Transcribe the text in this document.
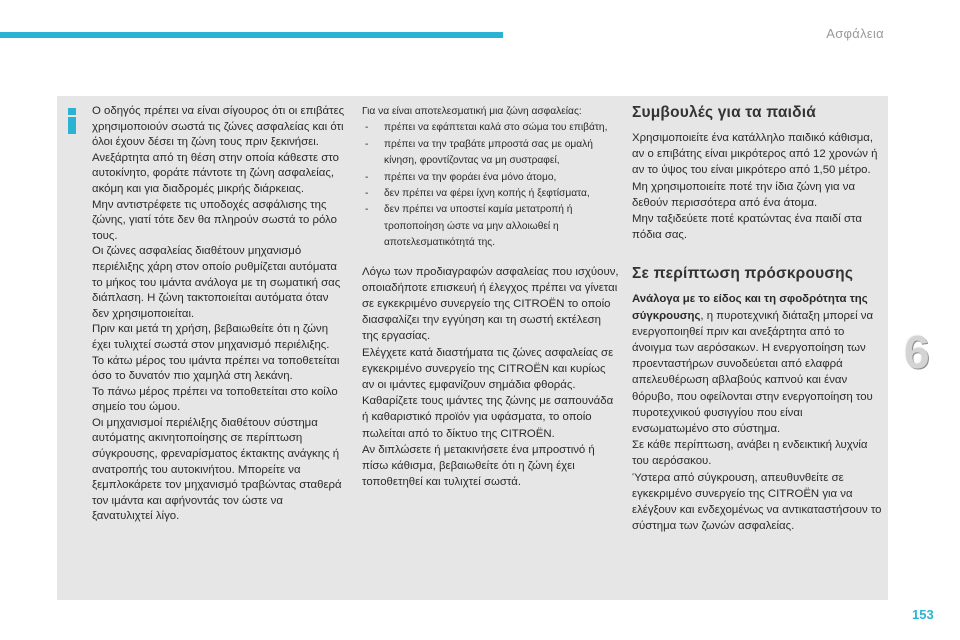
Ασφάλεια

Ο οδηγός πρέπει να είναι σίγουρος ότι οι επιβάτες χρησιμοποιούν σωστά τις ζώνες ασφαλείας και ότι όλοι έχουν δέσει τη ζώνη τους πριν ξεκινήσει.

Ανεξάρτητα από τη θέση στην οποία κάθεστε στο αυτοκίνητο, φοράτε πάντοτε τη ζώνη ασφαλείας, ακόμη και για διαδρομές μικρής διάρκειας.

Μην αντιστρέφετε τις υποδοχές ασφάλισης της ζώνης, γιατί τότε δεν θα πληρούν σωστά το ρόλο τους.

Οι ζώνες ασφαλείας διαθέτουν μηχανισμό περιέλιξης χάρη στον οποίο ρυθμίζεται αυτόματα το μήκος του ιμάντα ανάλογα με τη σωματική σας διάπλαση. Η ζώνη τακτοποιείται αυτόματα όταν δεν χρησιμοποιείται.

Πριν και μετά τη χρήση, βεβαιωθείτε ότι η ζώνη έχει τυλιχτεί σωστά στον μηχανισμό περιέλιξης.

Το κάτω μέρος του ιμάντα πρέπει να τοποθετείται όσο το δυνατόν πιο χαμηλά στη λεκάνη.

Το πάνω μέρος πρέπει να τοποθετείται στο κοίλο σημείο του ώμου.

Οι μηχανισμοί περιέλιξης διαθέτουν σύστημα αυτόματης ακινητοποίησης σε περίπτωση σύγκρουσης, φρεναρίσματος έκτακτης ανάγκης ή ανατροπής του αυτοκινήτου. Μπορείτε να ξεμπλοκάρετε τον μηχανισμό τραβώντας σταθερά τον ιμάντα και αφήνοντάς τον ώστε να ξανατυλιχτεί λίγο.

Για να είναι αποτελεσματική μια ζώνη ασφαλείας:

- πρέπει να εφάπτεται καλά στο σώμα του επιβάτη,
- πρέπει να την τραβάτε μπροστά σας με ομαλή κίνηση, φροντίζοντας να μη συστραφεί,
- πρέπει να την φοράει ένα μόνο άτομο,
- δεν πρέπει να φέρει ίχνη κοπής ή ξεφτίσματα,
- δεν πρέπει να υποστεί καμία μετατροπή ή τροποποίηση ώστε να μην αλλοιωθεί η αποτελεσματικότητά της.

Λόγω των προδιαγραφών ασφαλείας που ισχύουν, οποιαδήποτε επισκευή ή έλεγχος πρέπει να γίνεται σε εγκεκριμένο συνεργείο της CITROËN το οποίο διασφαλίζει την εγγύηση και τη σωστή εκτέλεση της εργασίας.

Ελέγχετε κατά διαστήματα τις ζώνες ασφαλείας σε εγκεκριμένο συνεργείο της CITROËN και κυρίως αν οι ιμάντες εμφανίζουν σημάδια φθοράς.

Καθαρίζετε τους ιμάντες της ζώνης με σαπουνάδα ή καθαριστικό προϊόν για υφάσματα, το οποίο πωλείται από το δίκτυο της CITROËN.

Αν διπλώσετε ή μετακινήσετε ένα μπροστινό ή πίσω κάθισμα, βεβαιωθείτε ότι η ζώνη έχει τοποθετηθεί και τυλιχτεί σωστά.

Συμβουλές για τα παιδιά

Χρησιμοποιείτε ένα κατάλληλο παιδικό κάθισμα, αν ο επιβάτης είναι μικρότερος από 12 χρονών ή αν το ύψος του είναι μικρότερο από 1,50 μέτρο.

Μη χρησιμοποιείτε ποτέ την ίδια ζώνη για να δεθούν περισσότερα από ένα άτομα.

Μην ταξιδεύετε ποτέ κρατώντας ένα παιδί στα πόδια σας.

Σε περίπτωση πρόσκρουσης

Ανάλογα με το είδος και τη σφοδρότητα της σύγκρουσης, η πυροτεχνική διάταξη μπορεί να ενεργοποιηθεί πριν και ανεξάρτητα από το άνοιγμα των αερόσακων. Η ενεργοποίηση των προενταστήρων συνοδεύεται από ελαφρά απελευθέρωση αβλαβούς καπνού και έναν θόρυβο, που οφείλονται στην ενεργοποίηση του πυροτεχνικού φυσιγγίου που είναι ενσωματωμένο στο σύστημα.

Σε κάθε περίπτωση, ανάβει η ενδεικτική λυχνία του αερόσακου.

Ύστερα από σύγκρουση, απευθυνθείτε σε εγκεκριμένο συνεργείο της CITROËN για να ελέγξουν και ενδεχομένως να αντικαταστήσουν το σύστημα των ζωνών ασφαλείας.

6
153
